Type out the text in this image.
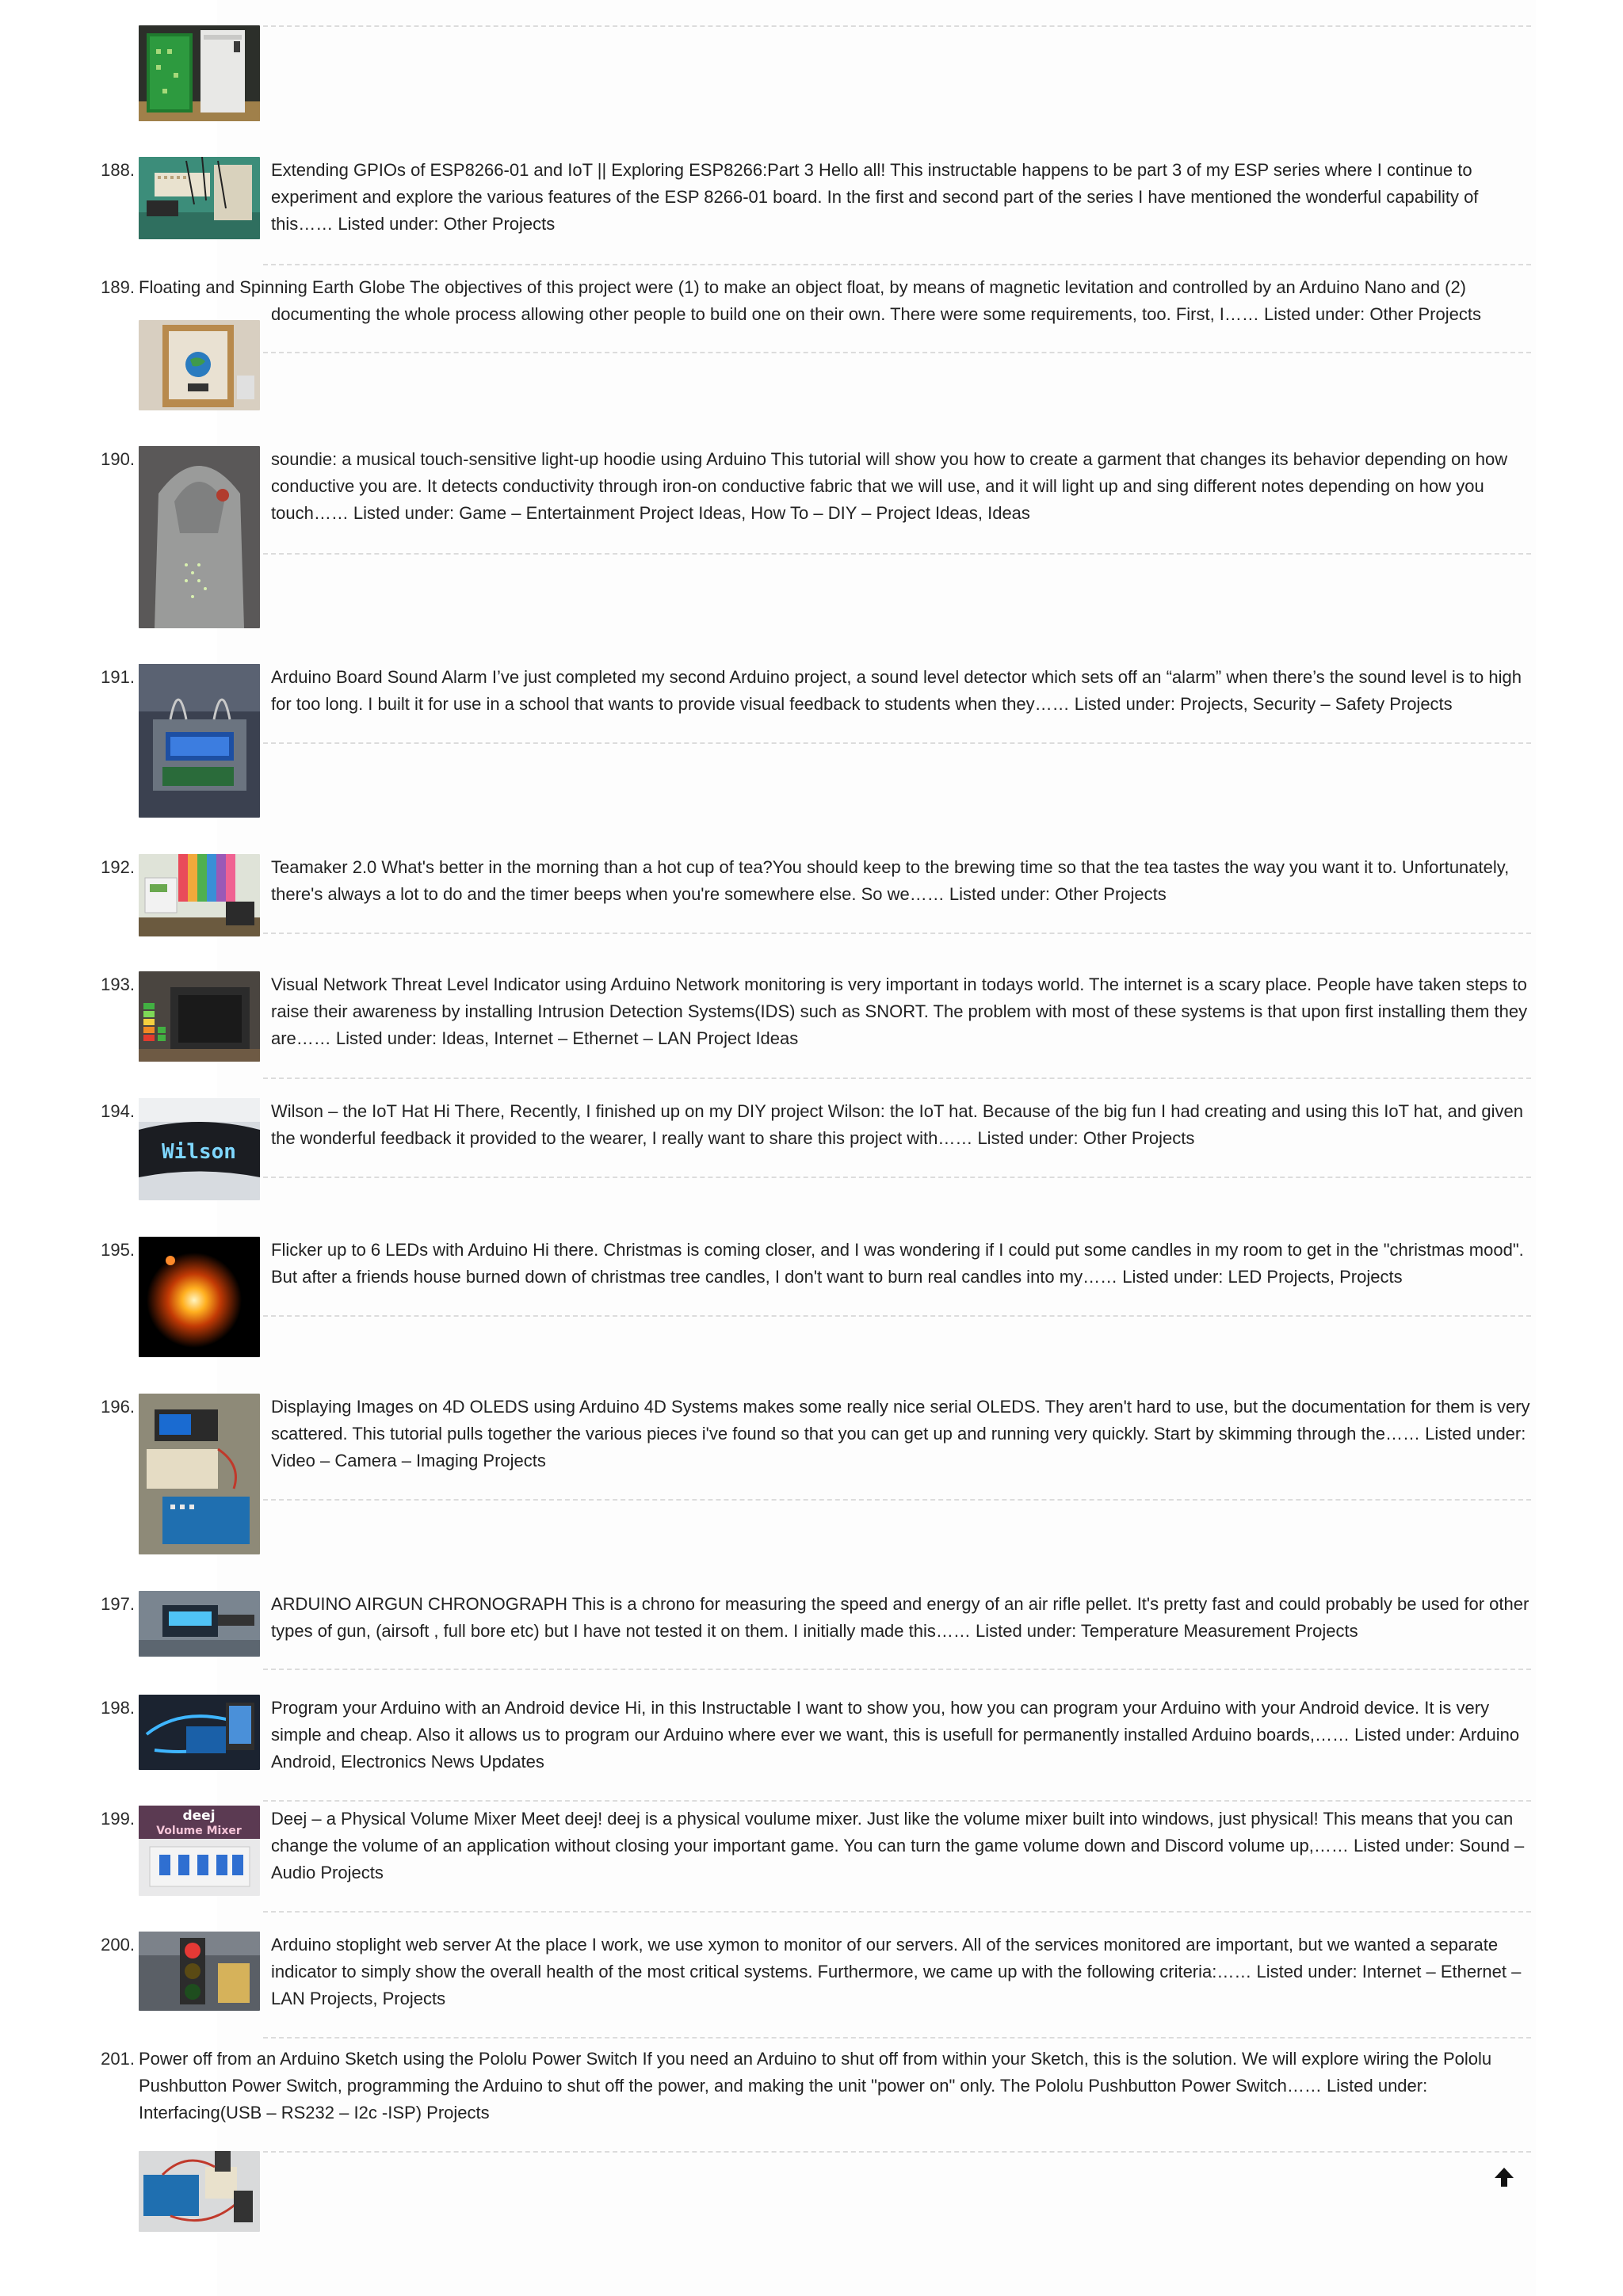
188.	Extending GPIOs of ESP8266-01 and IoT || Exploring ESP8266:Part 3 Hello all! This instructable happens to be part 3 of my ESP series where I continue to experiment and explore the various features of the ESP 8266-01 board. In the first and second part of the series I have mentioned the wonderful capability of this…… Listed under: Other Projects
189. Floating and Spinning Earth Globe The objectives of this project were (1) to make an object float, by means of magnetic levitation and controlled by an Arduino Nano and (2)
documenting the whole process allowing other people to build one on their own. There were some requirements, too. First, I…… Listed under: Other Projects
190.	soundie: a musical touch-sensitive light-up hoodie using Arduino This tutorial will show you how to create a garment that changes its behavior depending on how conductive you are. It detects conductivity through iron-on conductive fabric that we will use, and it will light up and sing different notes depending on how you touch…… Listed under: Game – Entertainment Project Ideas, How To – DIY – Project Ideas, Ideas
191.	Arduino Board Sound Alarm I’ve just completed my second Arduino project, a sound level detector which sets off an “alarm” when there’s the sound level is to high for too long. I built it for use in a school that wants to provide visual feedback to students when they…… Listed under: Projects, Security – Safety Projects
192.	Teamaker 2.0 What's better in the morning than a hot cup of tea?You should keep to the brewing time so that the tea tastes the way you want it to. Unfortunately, there's always a lot to do and the timer beeps when you're somewhere else. So we…… Listed under: Other Projects
193.	Visual Network Threat Level Indicator using Arduino Network monitoring is very important in todays world. The internet is a scary place. People have taken steps to raise their awareness by installing Intrusion Detection Systems(IDS) such as SNORT. The problem with most of these systems is that upon first installing them they are…… Listed under: Ideas, Internet – Ethernet – LAN Project Ideas
194.
Wilson
Wilson – the IoT Hat Hi There, Recently, I finished up on my DIY project Wilson: the IoT hat. Because of the big fun I had creating and using this IoT hat, and given the wonderful feedback it provided to the wearer, I really want to share this project with…… Listed under: Other Projects
195.	Flicker up to 6 LEDs with Arduino Hi there. Christmas is coming closer, and I was wondering if I could put some candles in my room to get in the "christmas mood". But after a friends house burned down of christmas tree candles, I don't want to burn real candles into my…… Listed under: LED Projects, Projects
196.	Displaying Images on 4D OLEDS using Arduino 4D Systems makes some really nice serial OLEDS. They aren't hard to use, but the documentation for them is very scattered. This tutorial pulls together the various pieces i've found so that you can get up and running very quickly. Start by skimming through the…… Listed under: Video – Camera – Imaging Projects
197.	ARDUINO AIRGUN CHRONOGRAPH This is a chrono for measuring the speed and energy of an air rifle pellet. It's pretty fast and could probably be used for other types of gun, (airsoft , full bore etc) but I have not tested it on them. I initially made this…… Listed under: Temperature Measurement Projects
198.	Program your Arduino with an Android device Hi, in this Instructable I want to show you, how you can program your Arduino with your Android device. It is very simple and cheap. Also it allows us to program our Arduino where ever we want, this is usefull for permanently installed Arduino boards,…… Listed under: Arduino Android, Electronics News Updates
199.	deej
Volume Mixer
Deej – a Physical Volume Mixer Meet deej! deej is a physical voulume mixer. Just like the volume mixer built into windows, just physical! This means that you can change the volume of an application without closing your important game. You can turn the game volume down and Discord volume up,…… Listed under: Sound – Audio Projects
200.	Arduino stoplight web server At the place I work, we use xymon to monitor of our servers. All of the services monitored are important, but we wanted a separate indicator to simply show the overall health of the most critical systems. Furthermore, we came up with the following criteria:…… Listed under: Internet – Ethernet – LAN Projects, Projects
201. Power off from an Arduino Sketch using the Pololu Power Switch If you need an Arduino to shut off from within your Sketch, this is the solution. We will explore wiring the Pololu Pushbutton Power Switch, programming the Arduino to shut off the power, and making the unit "power on" only. The Pololu Pushbutton Power Switch…… Listed under: Interfacing(USB – RS232 – I2c -ISP) Projects
